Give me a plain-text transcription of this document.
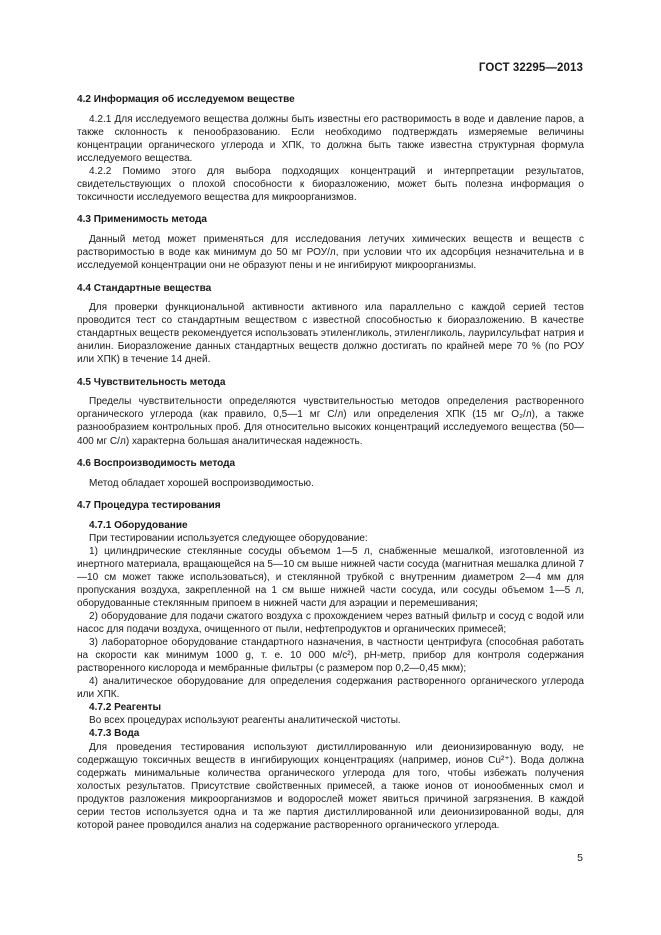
ГОСТ 32295—2013
4.2 Информация об исследуемом веществе

4.2.1 Для исследуемого вещества должны быть известны его растворимость в воде и давление паров, а также склонность к пенообразованию. Если необходимо подтверждать измеряемые величины концентрации органического углерода и ХПК, то должна быть также известна структурная формула исследуемого вещества.

4.2.2 Помимо этого для выбора подходящих концентраций и интерпретации результатов, свидетельствующих о плохой способности к биоразложению, может быть полезна информация о токсичности исследуемого вещества для микроорганизмов.

4.3 Применимость метода

Данный метод может применяться для исследования летучих химических веществ и веществ с растворимостью в воде как минимум до 50 мг РОУ/л, при условии что их адсорбция незначительна и в исследуемой концентрации они не образуют пены и не ингибируют микроорганизмы.

4.4 Стандартные вещества

Для проверки функциональной активности активного ила параллельно с каждой серией тестов проводится тест со стандартным веществом с известной способностью к биоразложению. В качестве стандартных веществ рекомендуется использовать этиленгликоль, этиленгликоль, лаурилсульфат натрия и анилин. Биоразложение данных стандартных веществ должно достигать по крайней мере 70 % (по РОУ или ХПК) в течение 14 дней.

4.5 Чувствительность метода

Пределы чувствительности определяются чувствительностью методов определения растворенного органического углерода (как правило, 0,5—1 мг С/л) или определения ХПК (15 мг O₂/л), а также разнообразием контрольных проб. Для относительно высоких концентраций исследуемого вещества (50—400 мг С/л) характерна большая аналитическая надежность.

4.6 Воспроизводимость метода

Метод обладает хорошей воспроизводимостью.

4.7 Процедура тестирования
4.7.1 Оборудование

При тестировании используется следующее оборудование:

1) цилиндрические стеклянные сосуды объемом 1—5 л, снабженные мешалкой, изготовленной из инертного материала, вращающейся на 5—10 см выше нижней части сосуда (магнитная мешалка длиной 7—10 см может также использоваться), и стеклянной трубкой с внутренним диаметром 2—4 мм для пропускания воздуха, закрепленной на 1 см выше нижней части сосуда, или сосуды объемом 1—5 л, оборудованные стеклянным припоем в нижней части для аэрации и перемешивания;

2) оборудование для подачи сжатого воздуха с прохождением через ватный фильтр и сосуд с водой или насос для подачи воздуха, очищенного от пыли, нефтепродуктов и органических примесей;

3) лабораторное оборудование стандартного назначения, в частности центрифуга (способная работать на скорости как минимум 1000 g, т. е. 10 000 м/с²), рН-метр, прибор для контроля содержания растворенного кислорода и мембранные фильтры (с размером пор 0,2—0,45 мкм);

4) аналитическое оборудование для определения содержания растворенного органического углерода или ХПК.

4.7.2 Реагенты

Во всех процедурах используют реагенты аналитической чистоты.

4.7.3 Вода

Для проведения тестирования используют дистиллированную или деионизированную воду, не содержащую токсичных веществ в ингибирующих концентрациях (например, ионов Cu²⁺). Вода должна содержать минимальные количества органического углерода для того, чтобы избежать получения холостых результатов. Присутствие свойственных примесей, а также ионов от ионообменных смол и продуктов разложения микроорганизмов и водорослей может явиться причиной загрязнения. В каждой серии тестов используется одна и та же партия дистиллированной или деионизированной воды, для которой ранее проводился анализ на содержание растворенного органического углерода.

5
